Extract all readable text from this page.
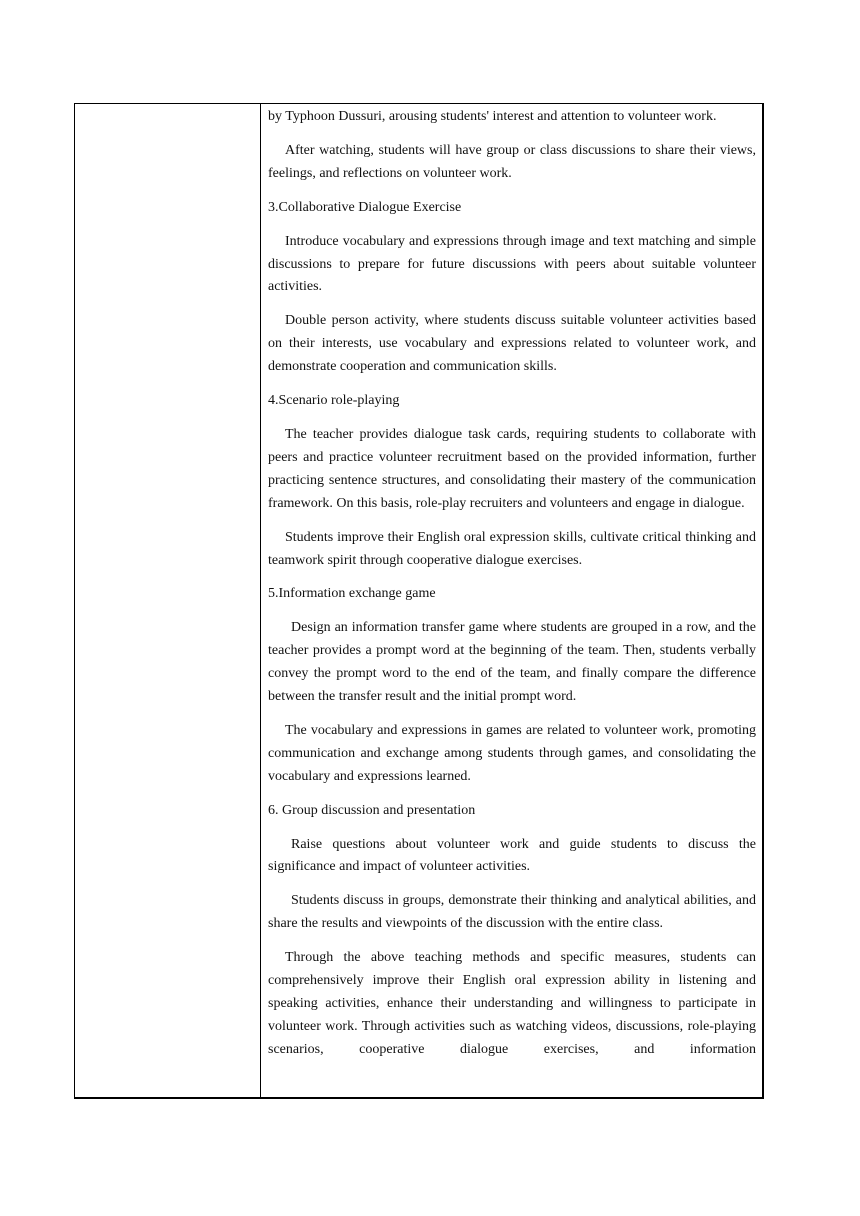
by Typhoon Dussuri, arousing students' interest and attention to volunteer work.

After watching, students will have group or class discussions to share their views, feelings, and reflections on volunteer work.

3.Collaborative Dialogue Exercise

Introduce vocabulary and expressions through image and text matching and simple discussions to prepare for future discussions with peers about suitable volunteer activities.

Double person activity, where students discuss suitable volunteer activities based on their interests, use vocabulary and expressions related to volunteer work, and demonstrate cooperation and communication skills.

4.Scenario role-playing

The teacher provides dialogue task cards, requiring students to collaborate with peers and practice volunteer recruitment based on the provided information, further practicing sentence structures, and consolidating their mastery of the communication framework. On this basis, role-play recruiters and volunteers and engage in dialogue.

Students improve their English oral expression skills, cultivate critical thinking and teamwork spirit through cooperative dialogue exercises.

5.Information exchange game

Design an information transfer game where students are grouped in a row, and the teacher provides a prompt word at the beginning of the team. Then, students verbally convey the prompt word to the end of the team, and finally compare the difference between the transfer result and the initial prompt word.

The vocabulary and expressions in games are related to volunteer work, promoting communication and exchange among students through games, and consolidating the vocabulary and expressions learned.

6. Group discussion and presentation

Raise questions about volunteer work and guide students to discuss the significance and impact of volunteer activities.

Students discuss in groups, demonstrate their thinking and analytical abilities, and share the results and viewpoints of the discussion with the entire class.

Through the above teaching methods and specific measures, students can comprehensively improve their English oral expression ability in listening and speaking activities, enhance their understanding and willingness to participate in volunteer work. Through activities such as watching videos, discussions, role-playing scenarios, cooperative dialogue exercises, and information
